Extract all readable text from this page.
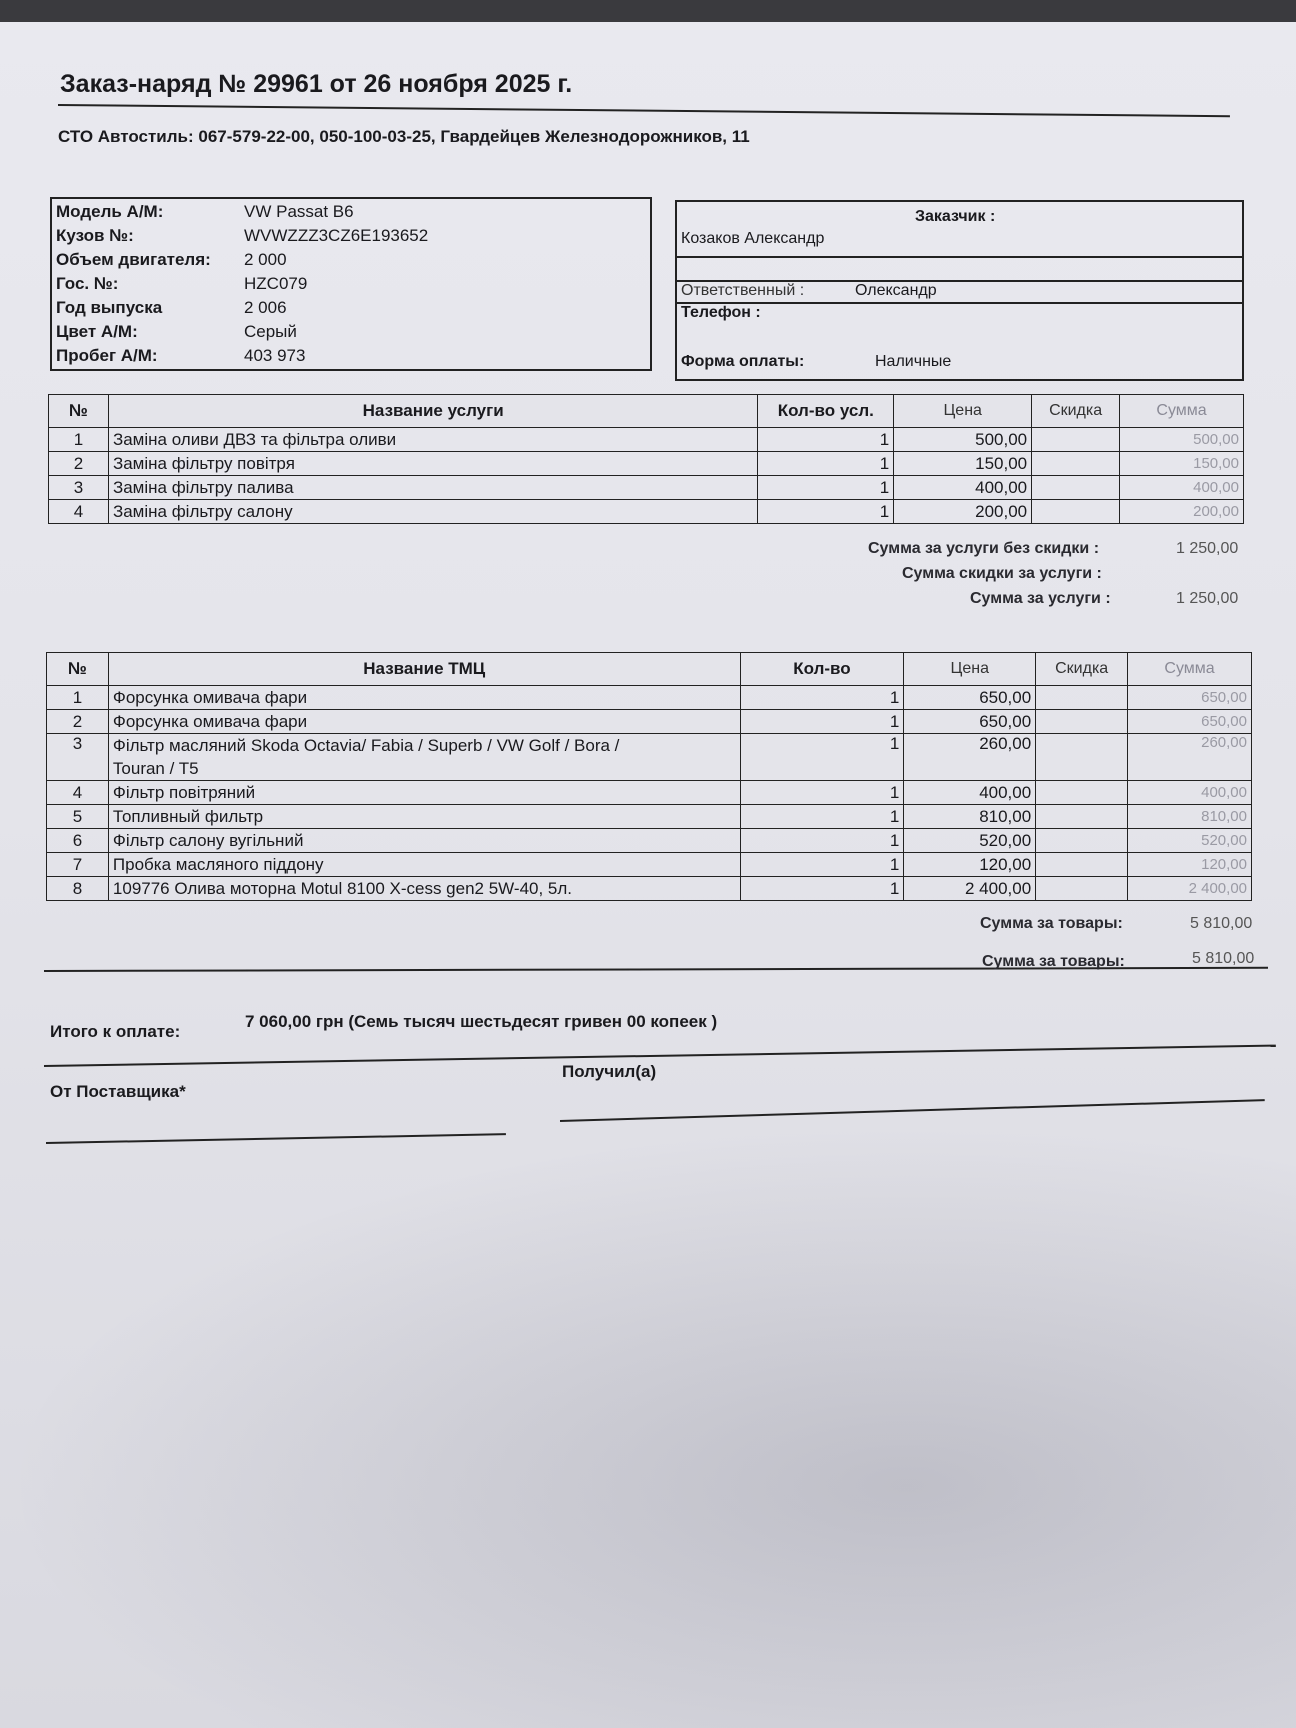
Заказ-наряд № 29961 от 26 ноября 2025 г.
СТО Автостиль: 067-579-22-00, 050-100-03-25, Гвардейцев Железнодорожников, 11
Модель А/М:	VW Passat B6
Кузов №:	WVWZZZ3CZ6E193652
Объем двигателя:	2 000
Гос. №:	HZC079
Год выпуска	2 006
Цвет А/М:	Серый
Пробег А/М:	403 973
Заказчик :
Козаков Александр
Ответственный :	Олександр
Телефон :
Форма оплаты:	Наличные
№	Название услуги	Кол-во усл.	Цена	Скидка	Сумма
1	Заміна оливи ДВЗ та фільтра оливи	1	500,00		500,00
2	Заміна фільтру повітря	1	150,00		150,00
3	Заміна фільтру палива	1	400,00		400,00
4	Заміна фільтру салону	1	200,00		200,00
Сумма за услуги без скидки :	1 250,00
Сумма скидки за услуги :
Сумма за услуги :	1 250,00
№	Название ТМЦ	Кол-во	Цена	Скидка	Сумма
1	Форсунка омивача фари	1	650,00		650,00
2	Форсунка омивача фари	1	650,00		650,00
3	Фільтр масляний Skoda Octavia/ Fabia / Superb / VW Golf / Bora /
Touran / T5	1	260,00		260,00
4	Фільтр повітряний	1	400,00		400,00
5	Топливный фильтр	1	810,00		810,00
6	Фільтр салону вугільний	1	520,00		520,00
7	Пробка масляного піддону	1	120,00		120,00
8	109776 Олива моторна Motul 8100 X-cess gen2 5W-40, 5л.	1	2 400,00		2 400,00
Сумма за товары:	5 810,00
Сумма за товары:	5 810,00
Итого к оплате:
7 060,00 грн (Семь тысяч шестьдесят гривен 00 копеек )
От Поставщика*
Получил(а)
